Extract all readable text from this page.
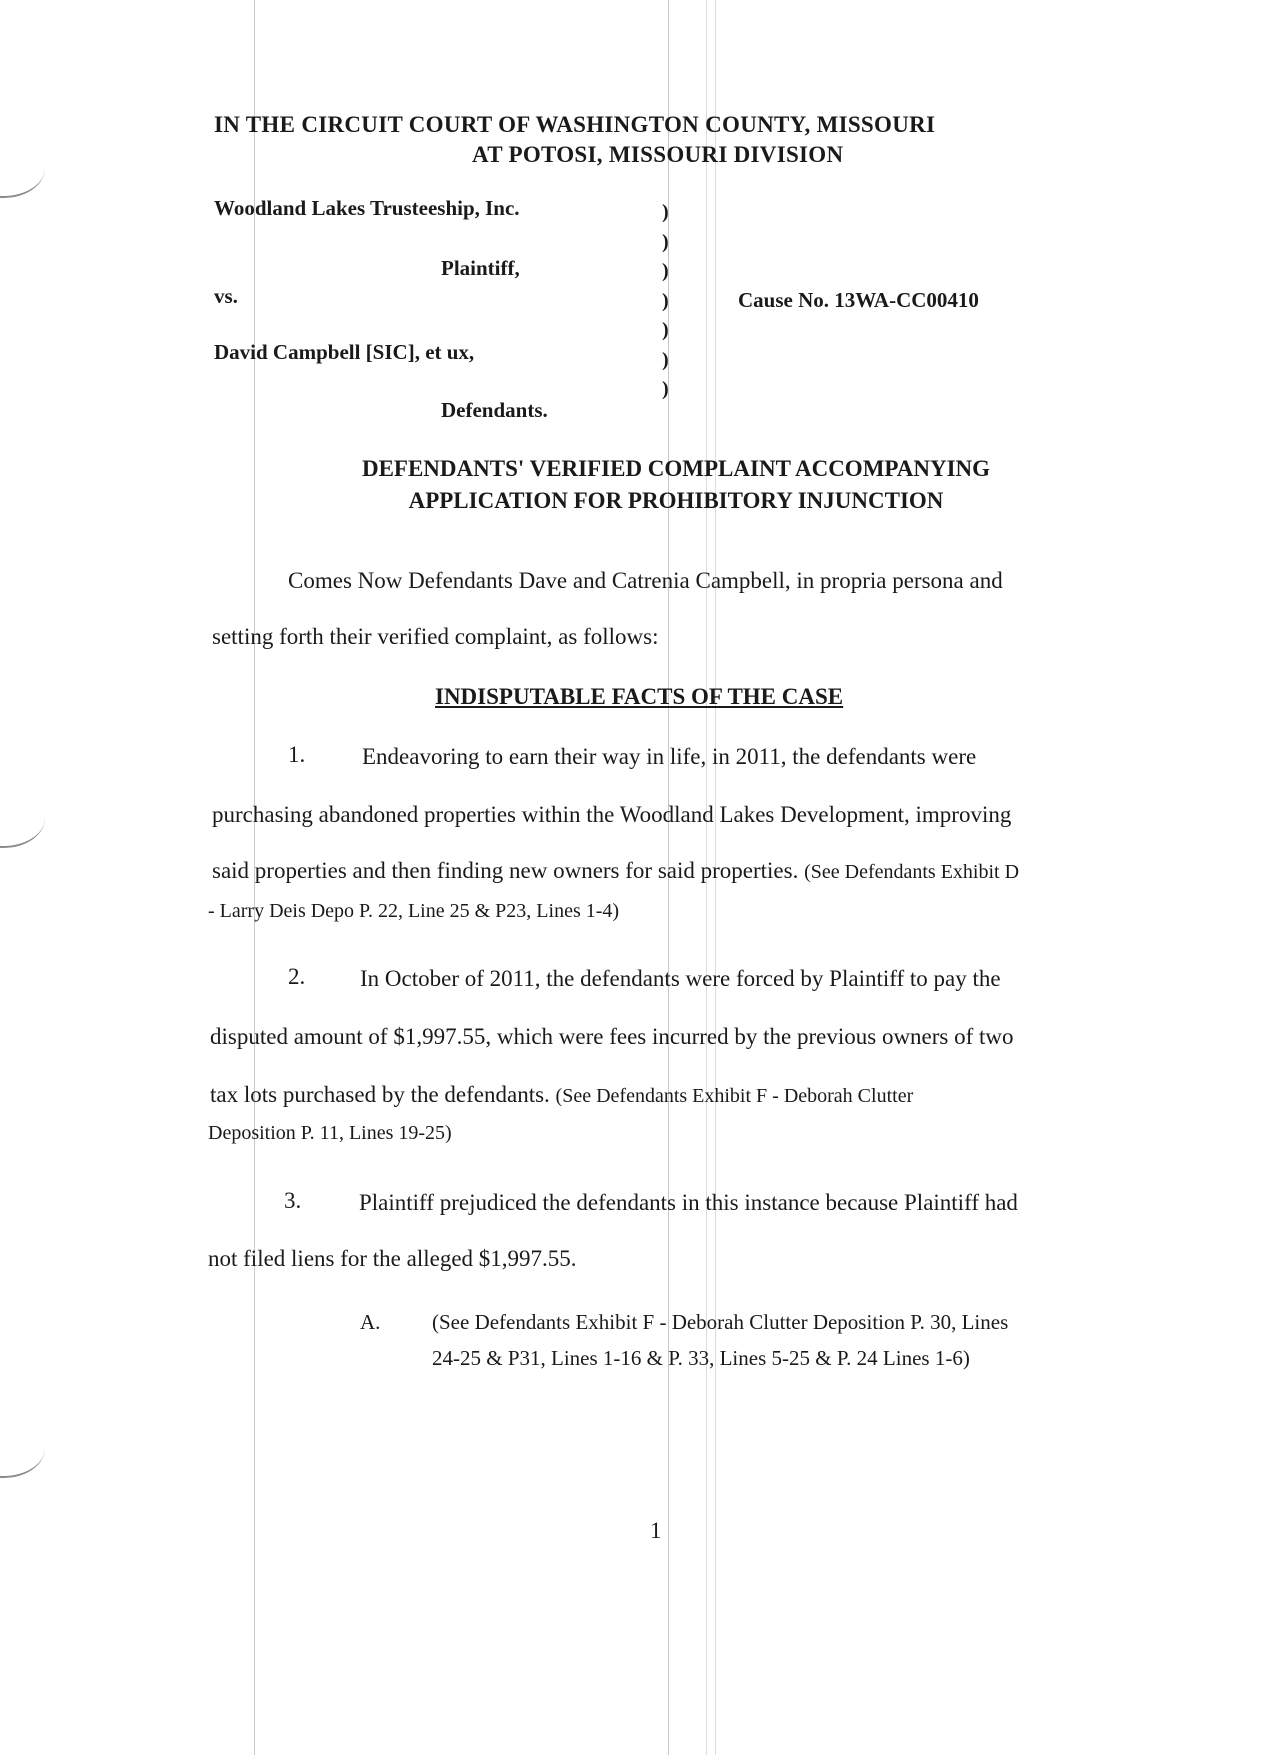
IN THE CIRCUIT COURT OF WASHINGTON COUNTY, MISSOURI
AT POTOSI, MISSOURI DIVISION
Woodland Lakes Trusteeship, Inc.
Plaintiff,
vs.
David Campbell [SIC], et ux,
Defendants.
Cause No. 13WA-CC00410
)
)
)
)
)
)
)
DEFENDANTS' VERIFIED COMPLAINT ACCOMPANYING
APPLICATION FOR PROHIBITORY INJUNCTION
Comes Now Defendants Dave and Catrenia Campbell, in propria persona and
setting forth their verified complaint, as follows:
INDISPUTABLE FACTS OF THE CASE
1. Endeavoring to earn their way in life, in 2011, the defendants were
purchasing abandoned properties within the Woodland Lakes Development, improving
said properties and then finding new owners for said properties. (See Defendants Exhibit D
- Larry Deis Depo P. 22, Line 25 & P23, Lines 1-4)
2. In October of 2011, the defendants were forced by Plaintiff to pay the
disputed amount of $1,997.55, which were fees incurred by the previous owners of two
tax lots purchased by the defendants. (See Defendants Exhibit F - Deborah Clutter
Deposition P. 11, Lines 19-25)
3.	Plaintiff prejudiced the defendants in this instance because Plaintiff had
not filed liens for the alleged $1,997.55.
A. (See Defendants Exhibit F - Deborah Clutter Deposition P. 30, Lines
24-25 & P31, Lines 1-16 & P. 33, Lines 5-25 & P. 24 Lines 1-6)
1
